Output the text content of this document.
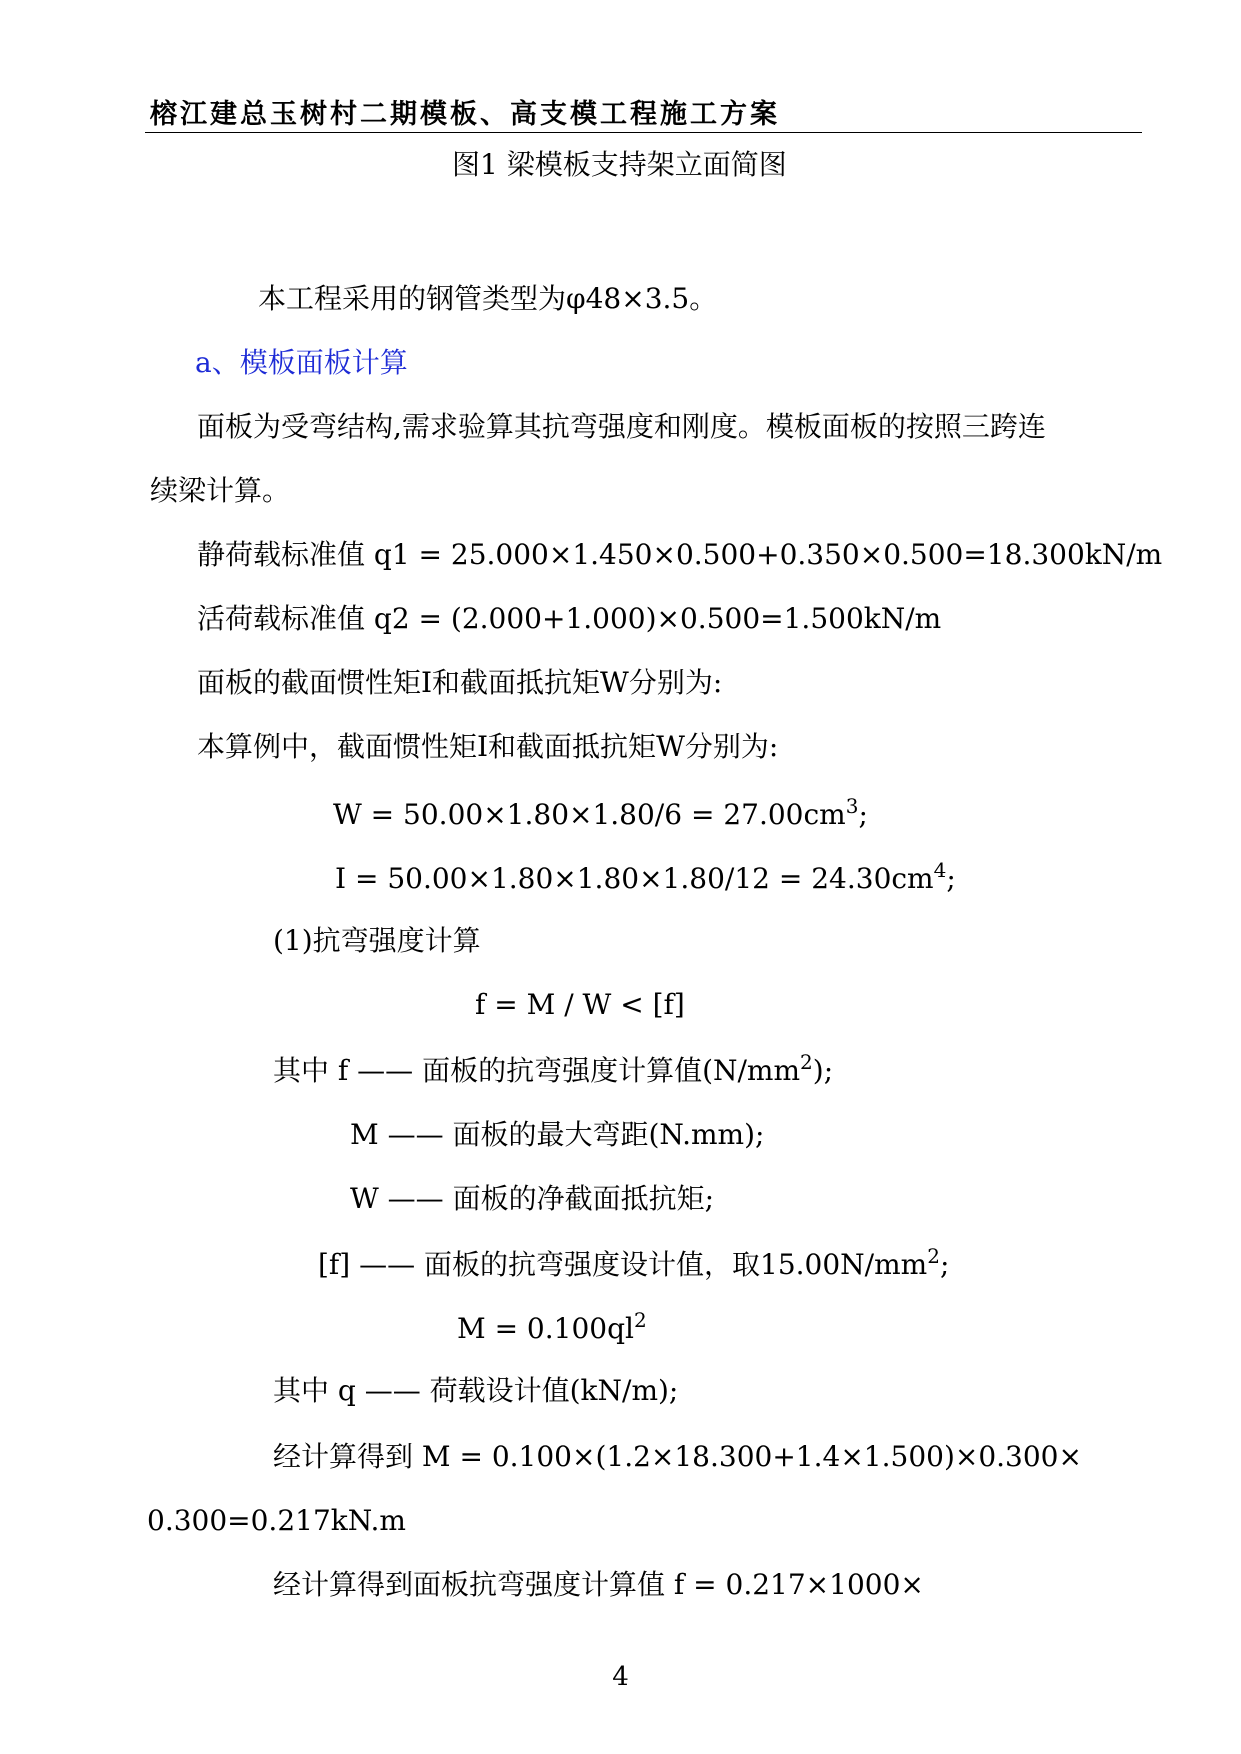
榕江建总玉树村二期模板、高支模工程施工方案
图1 梁模板支持架立面简图
本工程采用的钢管类型为φ48×3.5。
a、模板面板计算
面板为受弯结构,需求验算其抗弯强度和刚度。模板面板的按照三跨连
续梁计算。
静荷载标准值 q1 = 25.000×1.450×0.500+0.350×0.500=18.300kN/m
活荷载标准值 q2 = (2.000+1.000)×0.500=1.500kN/m
面板的截面惯性矩I和截面抵抗矩W分别为:
本算例中，截面惯性矩I和截面抵抗矩W分别为:
$W = 50.00\times 1.80\times 1.80/6 = 27.00cm^3$;
$I = 50.00\times 1.80\times 1.80\times 1.80/12 = 24.30cm^4$;
(1)抗弯强度计算
f = M / W < [f]
其中 f —— 面板的抗弯强度计算值$(N/mm^2)$;
M —— 面板的最大弯距(N.mm);
W —— 面板的净截面抵抗矩;
[f] —— 面板的抗弯强度设计值，取$15.00N/mm^2$;
$M = 0.100ql^2$
其中 q —— 荷载设计值(kN/m);
经计算得到 M = 0.100×(1.2×18.300+1.4×1.500)×0.300×
0.300=0.217kN.m
经计算得到面板抗弯强度计算值 f = 0.217×1000×
4
